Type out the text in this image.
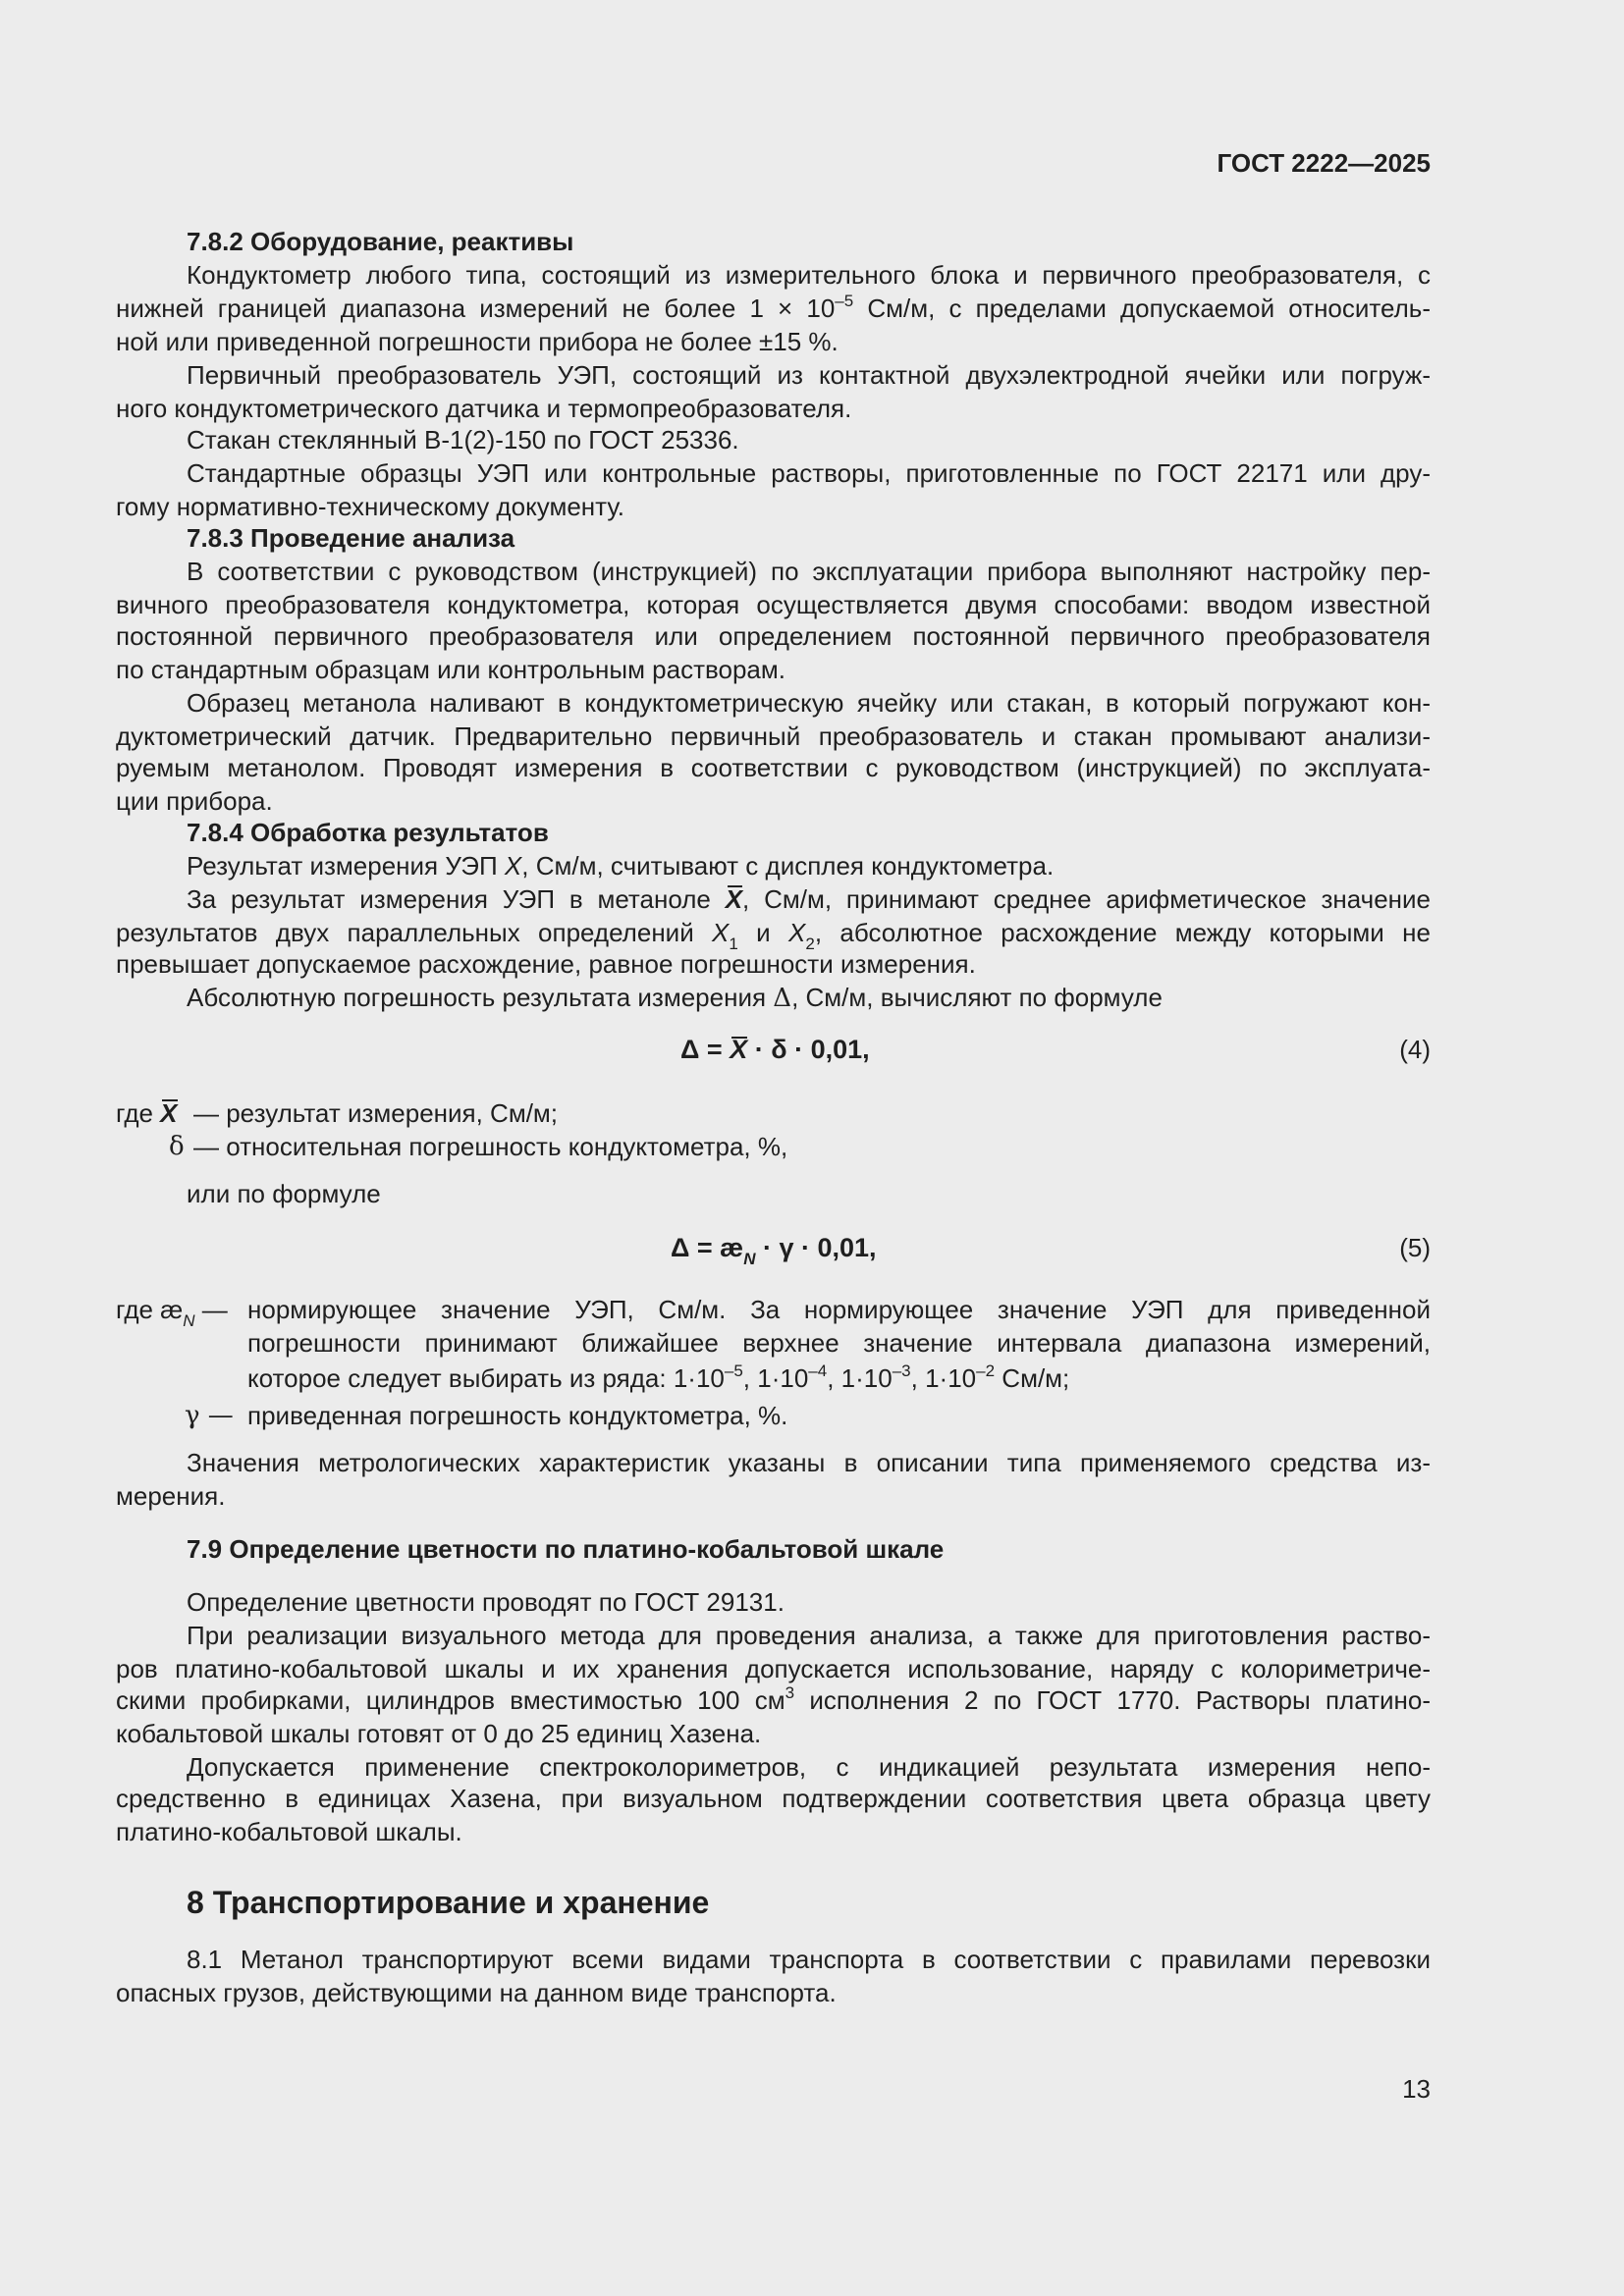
ГОСТ 2222—2025
7.8.2 Оборудование, реактивы
Кондуктометр любого типа, состоящий из измерительного блока и первичного преобразователя, с
нижней границей диапазона измерений не более $1 \times 10^{-5}$ См/м, с пределами допускаемой относитель-
ной или приведенной погрешности прибора не более ±15 %.
Первичный преобразователь УЭП, состоящий из контактной двухэлектродной ячейки или погруж-
ного кондуктометрического датчика и термопреобразователя.
Стакан стеклянный В-1(2)-150 по ГОСТ 25336.
Стандартные образцы УЭП или контрольные растворы, приготовленные по ГОСТ 22171 или дру-
гому нормативно-техническому документу.
7.8.3 Проведение анализа
В соответствии с руководством (инструкцией) по эксплуатации прибора выполняют настройку пер-
вичного преобразователя кондуктометра, которая осуществляется двумя способами: вводом известной
постоянной первичного преобразователя или определением постоянной первичного преобразователя
по стандартным образцам или контрольным растворам.
Образец метанола наливают в кондуктометрическую ячейку или стакан, в который погружают кон-
дуктометрический датчик. Предварительно первичный преобразователь и стакан промывают анализи-
руемым метанолом. Проводят измерения в соответствии с руководством (инструкцией) по эксплуата-
ции прибора.
7.8.4 Обработка результатов
Результат измерения УЭП X, См/м, считывают с дисплея кондуктометра.
За результат измерения УЭП в метаноле X, См/м, принимают среднее арифметическое значение
результатов двух параллельных определений $X_1$ и $X_2$, абсолютное расхождение между которыми не
превышает допускаемое расхождение, равное погрешности измерения.
Абсолютную погрешность результата измерения Δ, См/м, вычисляют по формуле
Δ = X · δ · 0,01,	(4)
где X — результат измерения, См/м;
δ — относительная погрешность кондуктометра, %,
или по формуле
$\Delta = æ_N \cdot \gamma \cdot 0,01$,	(5)
где $æ_N$ — нормирующее значение УЭП, См/м. За нормирующее значение УЭП для приведенной
погрешности принимают ближайшее верхнее значение интервала диапазона измерений,
которое следует выбирать из ряда: $1\cdot 10^{-5}$, $1\cdot 10^{-4}$, $1\cdot 10^{-3}$, $1\cdot 10^{-2}$ См/м;
γ — приведенная погрешность кондуктометра, %.
Значения метрологических характеристик указаны в описании типа применяемого средства из-
мерения.
7.9 Определение цветности по платино-кобальтовой шкале
Определение цветности проводят по ГОСТ 29131.
При реализации визуального метода для проведения анализа, а также для приготовления раство-
ров платино-кобальтовой шкалы и их хранения допускается использование, наряду с колориметриче-
скими пробирками, цилиндров вместимостью 100 $см^3$ исполнения 2 по ГОСТ 1770. Растворы платино-
кобальтовой шкалы готовят от 0 до 25 единиц Хазена.
Допускается применение спектроколориметров, с индикацией результата измерения непо-
средственно в единицах Хазена, при визуальном подтверждении соответствия цвета образца цвету
платино-кобальтовой шкалы.
8 Транспортирование и хранение
8.1 Метанол транспортируют всеми видами транспорта в соответствии с правилами перевозки
опасных грузов, действующими на данном виде транспорта.
13
